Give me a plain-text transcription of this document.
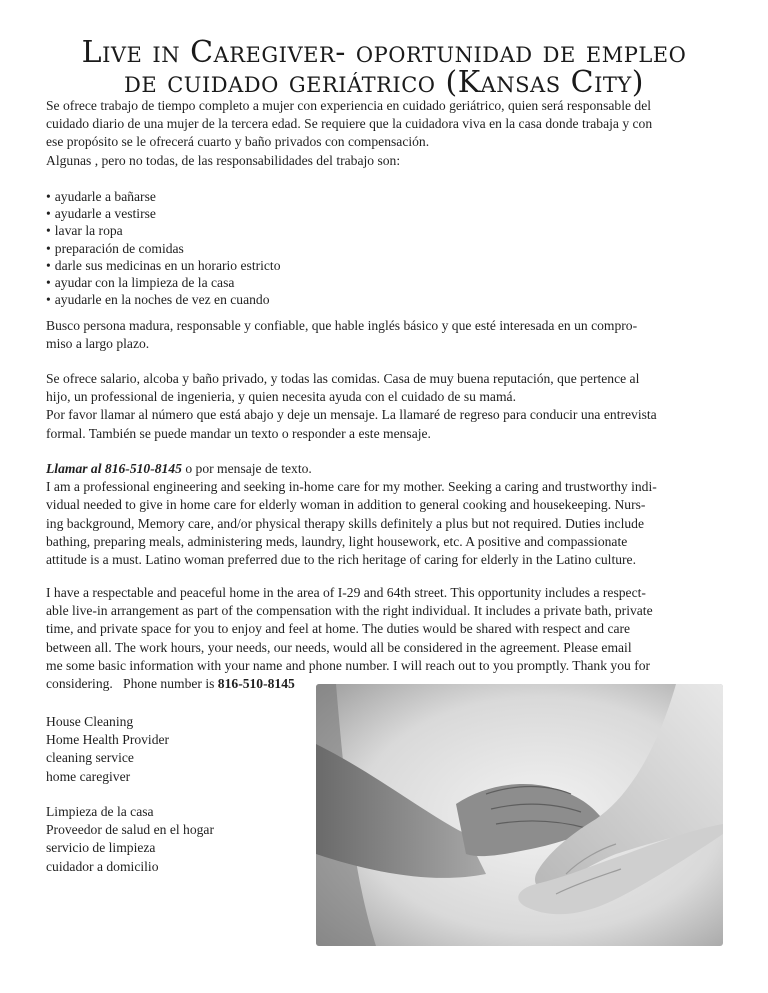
Live in Caregiver- oportunidad de empleo
de cuidado geriátrico (Kansas City)
Se ofrece trabajo de tiempo completo a mujer con experiencia en cuidado geriátrico, quien será responsable del
cuidado diario de una mujer de la tercera edad. Se requiere que la cuidadora viva en la casa donde trabaja y con
ese propósito se le ofrecerá cuarto y baño privados con compensación.
Algunas , pero no todas, de las responsabilidades del trabajo son:
• ayudarle a bañarse
• ayudarle a vestirse
• lavar la ropa
• preparación de comidas
• darle sus medicinas en un horario estricto
• ayudar con la limpieza de la casa
• ayudarle en la noches de vez en cuando
Busco persona madura, responsable y confiable, que hable inglés básico y que esté interesada en un compro-
miso a largo plazo.
Se ofrece salario, alcoba y baño privado, y todas las comidas. Casa de muy buena reputación, que pertence al
hijo, un professional de ingenieria, y quien necesita ayuda con el cuidado de su mamá.
Por favor llamar al número que está abajo y deje un mensaje. La llamaré de regreso para conducir una entrevista
formal. También se puede mandar un texto o responder a este mensaje.
Llamar al 816-510-8145 o por mensaje de texto.
I am a professional engineering and seeking in-home care for my mother. Seeking a caring and trustworthy indi-
vidual needed to give in home care for elderly woman in addition to general cooking and housekeeping. Nurs-
ing background, Memory care, and/or physical therapy skills definitely a plus but not required. Duties include
bathing, preparing meals, administering meds, laundry, light housework, etc. A positive and compassionate
attitude is a must. Latino woman preferred due to the rich heritage of caring for elderly in the Latino culture.
I have a respectable and peaceful home in the area of I-29 and 64th street. This opportunity includes a respect-
able live-in arrangement as part of the compensation with the right individual. It includes a private bath, private
time, and private space for you to enjoy and feel at home. The duties would be shared with respect and care
between all. The work hours, your needs, our needs, would all be considered in the agreement. Please email
me some basic information with your name and phone number. I will reach out to you promptly. Thank you for
considering.   Phone number is 816-510-8145
House Cleaning
Home Health Provider
cleaning service
home caregiver
Limpieza de la casa
Proveedor de salud en el hogar
servicio de limpieza
cuidador a domicilio
